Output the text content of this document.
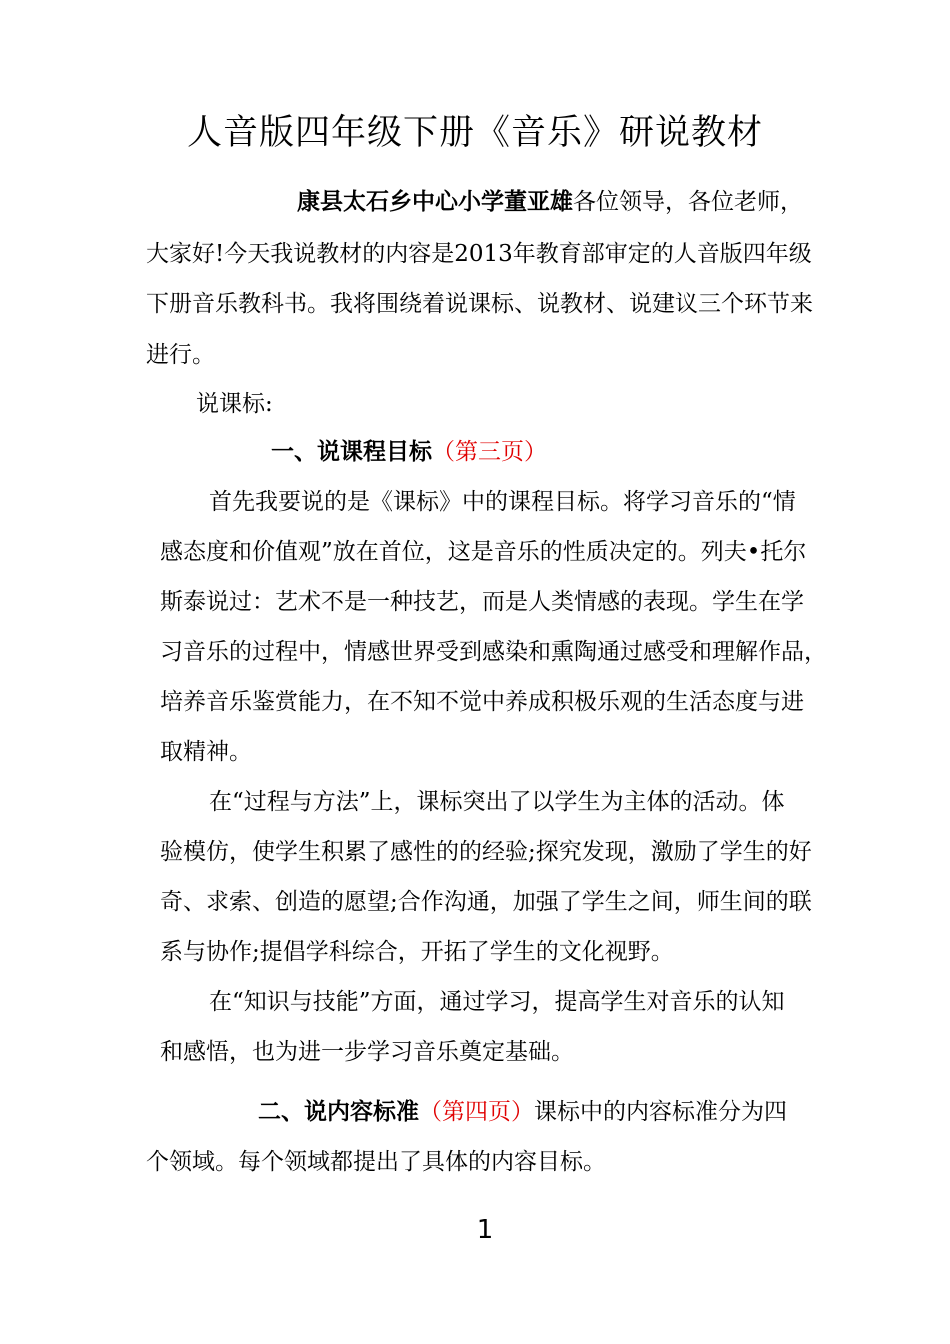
人音版四年级下册《音乐》研说教材
康县太石乡中心小学董亚雄各位领导，各位老师，
大家好!今天我说教材的内容是2013年教育部审定的人音版四年级
下册音乐教科书。我将围绕着说课标、说教材、说建议三个环节来
进行。
说课标:
一、说课程目标（第三页）
首先我要说的是《课标》中的课程目标。将学习音乐的“情
感态度和价值观”放在首位，这是音乐的性质决定的。列夫•托尔
斯泰说过：艺术不是一种技艺，而是人类情感的表现。学生在学
习音乐的过程中，情感世界受到感染和熏陶通过感受和理解作品，
培养音乐鉴赏能力，在不知不觉中养成积极乐观的生活态度与进
取精神。
在“过程与方法”上，课标突出了以学生为主体的活动。体
验模仿，使学生积累了感性的的经验;探究发现，激励了学生的好
奇、求索、创造的愿望;合作沟通，加强了学生之间，师生间的联
系与协作;提倡学科综合，开拓了学生的文化视野。
在“知识与技能”方面，通过学习，提高学生对音乐的认知
和感悟，也为进一步学习音乐奠定基础。
二、说内容标准（第四页）课标中的内容标准分为四
个领域。每个领域都提出了具体的内容目标。
1
